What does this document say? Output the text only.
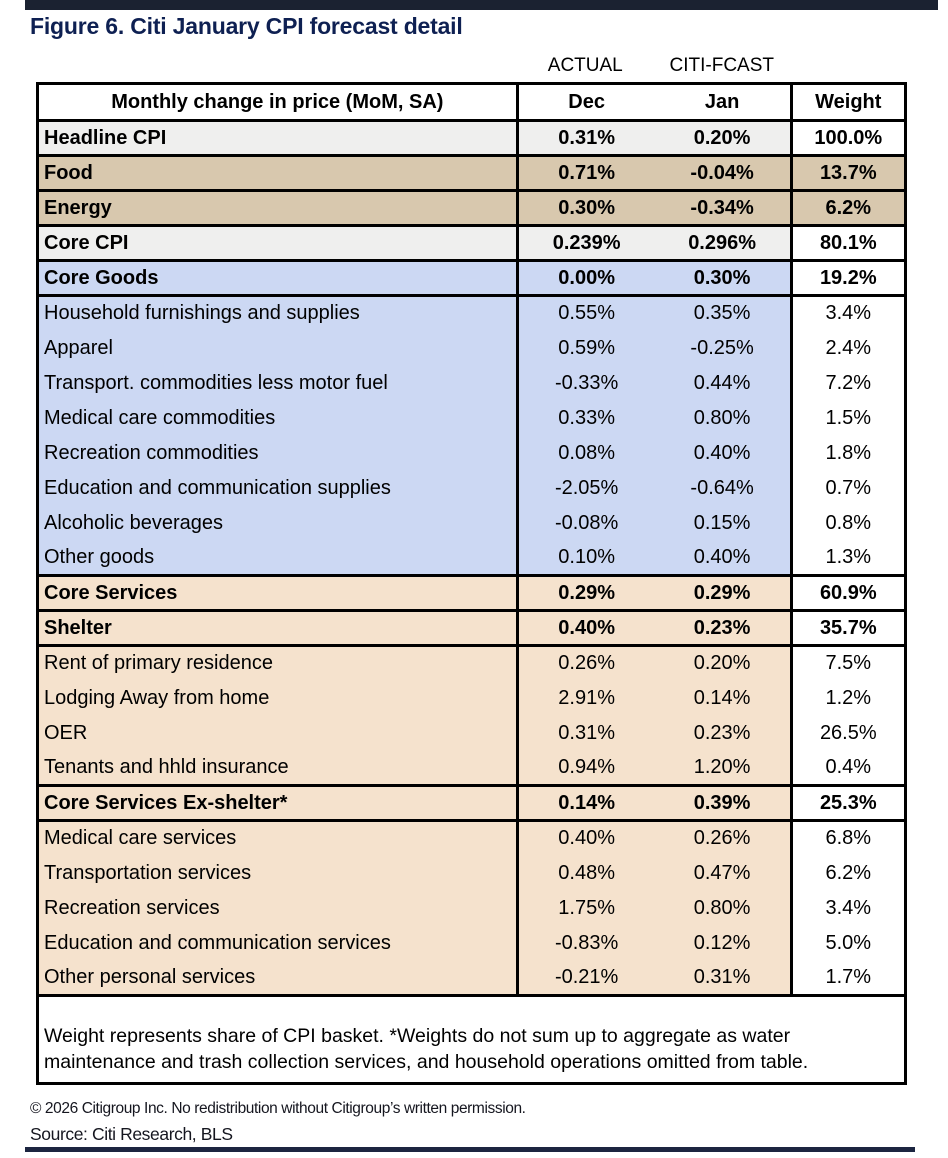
Figure 6. Citi January CPI forecast detail
ACTUAL	CITI-FCAST
Monthly change in price (MoM, SA)	Dec	Jan	Weight
Headline CPI	0.31%	0.20%	100.0%
Food	0.71%	-0.04%	13.7%
Energy	0.30%	-0.34%	6.2%
Core CPI	0.239%	0.296%	80.1%
Core Goods	0.00%	0.30%	19.2%
Household furnishings and supplies	0.55%	0.35%	3.4%
Apparel	0.59%	-0.25%	2.4%
Transport. commodities less motor fuel	-0.33%	0.44%	7.2%
Medical care commodities	0.33%	0.80%	1.5%
Recreation commodities	0.08%	0.40%	1.8%
Education and communication supplies	-2.05%	-0.64%	0.7%
Alcoholic beverages	-0.08%	0.15%	0.8%
Other goods	0.10%	0.40%	1.3%
Core Services	0.29%	0.29%	60.9%
Shelter	0.40%	0.23%	35.7%
Rent of primary residence	0.26%	0.20%	7.5%
Lodging Away from home	2.91%	0.14%	1.2%
OER	0.31%	0.23%	26.5%
Tenants and hhld insurance	0.94%	1.20%	0.4%
Core Services Ex-shelter*	0.14%	0.39%	25.3%
Medical care services	0.40%	0.26%	6.8%
Transportation services	0.48%	0.47%	6.2%
Recreation services	1.75%	0.80%	3.4%
Education and communication services	-0.83%	0.12%	5.0%
Other personal services	-0.21%	0.31%	1.7%
Weight represents share of CPI basket. *Weights do not sum up to aggregate as water maintenance and trash collection services, and household operations omitted from table.			
© 2026 Citigroup Inc. No redistribution without Citigroup’s written permission.
Source: Citi Research, BLS
